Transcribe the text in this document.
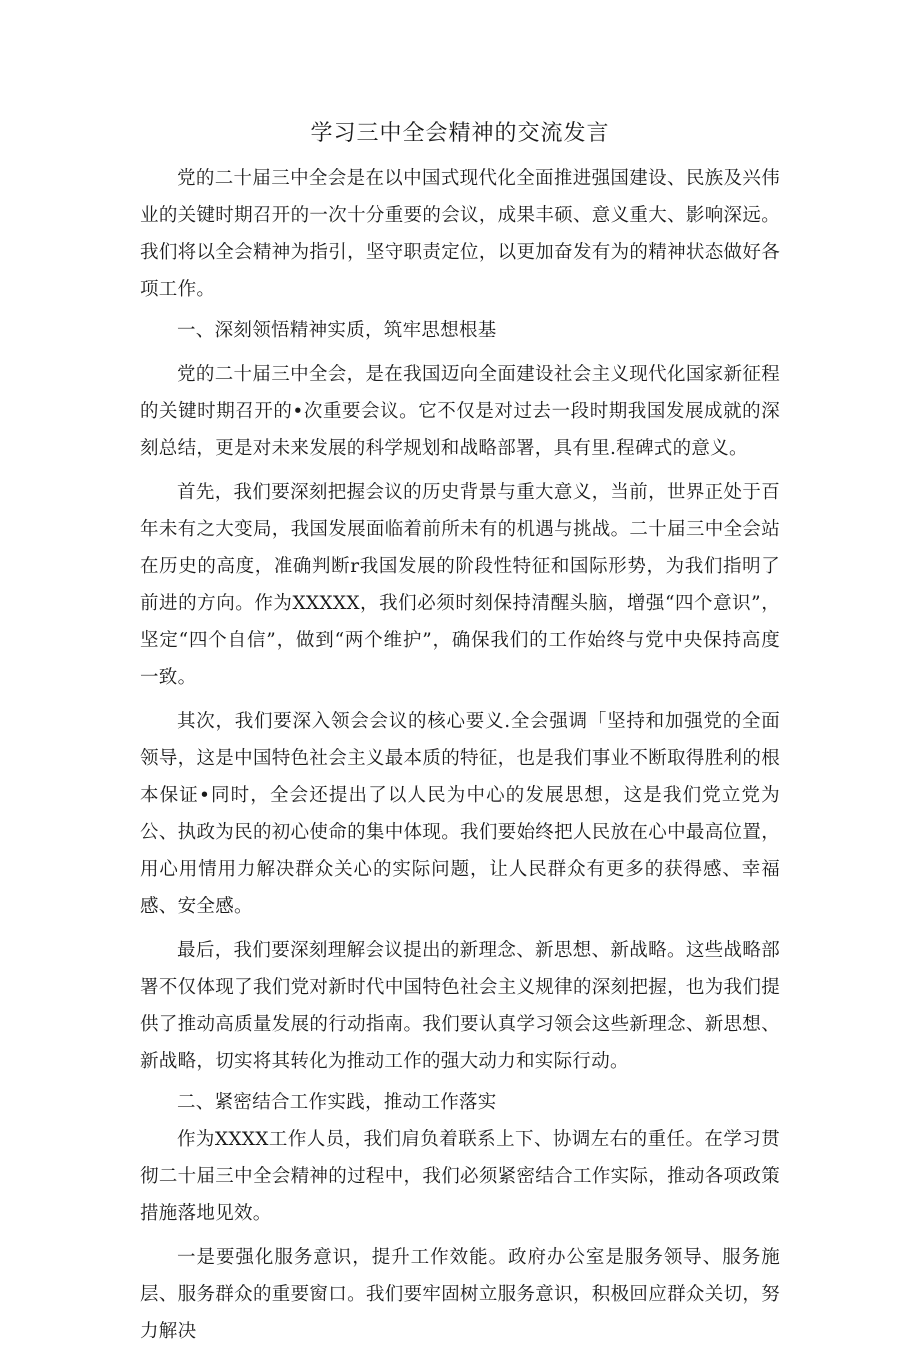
学习三中全会精神的交流发言

党的二十届三中全会是在以中国式现代化全面推进强国建设、民族及兴伟业的关键时期召开的一次十分重要的会议，成果丰硕、意义重大、影响深远。我们将以全会精神为指引，坚守职责定位，以更加奋发有为的精神状态做好各项工作。

一、深刻领悟精神实质，筑牢思想根基

党的二十届三中全会，是在我国迈向全面建设社会主义现代化国家新征程的关键时期召开的•次重要会议。它不仅是对过去一段时期我国发展成就的深刻总结，更是对未来发展的科学规划和战略部署，具有里.程碑式的意义。

首先，我们要深刻把握会议的历史背景与重大意义，当前，世界正处于百年未有之大变局，我国发展面临着前所未有的机遇与挑战。二十届三中全会站在历史的高度，准确判断r我国发展的阶段性特征和国际形势，为我们指明了前进的方向。作为XXXXX，我们必须时刻保持清醒头脑，增强“四个意识”，坚定“四个自信”，做到“两个维护”，确保我们的工作始终与党中央保持高度一致。

其次，我们要深入领会会议的核心要义.全会强调「坚持和加强党的全面领导，这是中国特色社会主义最本质的特征，也是我们事业不断取得胜利的根本保证•同时，全会还提出了以人民为中心的发展思想，这是我们党立党为公、执政为民的初心使命的集中体现。我们要始终把人民放在心中最高位置，用心用情用力解决群众关心的实际问题，让人民群众有更多的获得感、幸福感、安全感。

最后，我们要深刻理解会议提出的新理念、新思想、新战略。这些战略部署不仅体现了我们党对新时代中国特色社会主义规律的深刻把握，也为我们提供了推动高质量发展的行动指南。我们要认真学习领会这些新理念、新思想、新战略，切实将其转化为推动工作的强大动力和实际行动。

二、紧密结合工作实践，推动工作落实

作为XXXX工作人员，我们肩负着联系上下、协调左右的重任。在学习贯彻二十届三中全会精神的过程中，我们必须紧密结合工作实际，推动各项政策措施落地见效。

一是要强化服务意识，提升工作效能。政府办公室是服务领导、服务施层、服务群众的重要窗口。我们要牢固树立服务意识，积极回应群众关切，努力解决
